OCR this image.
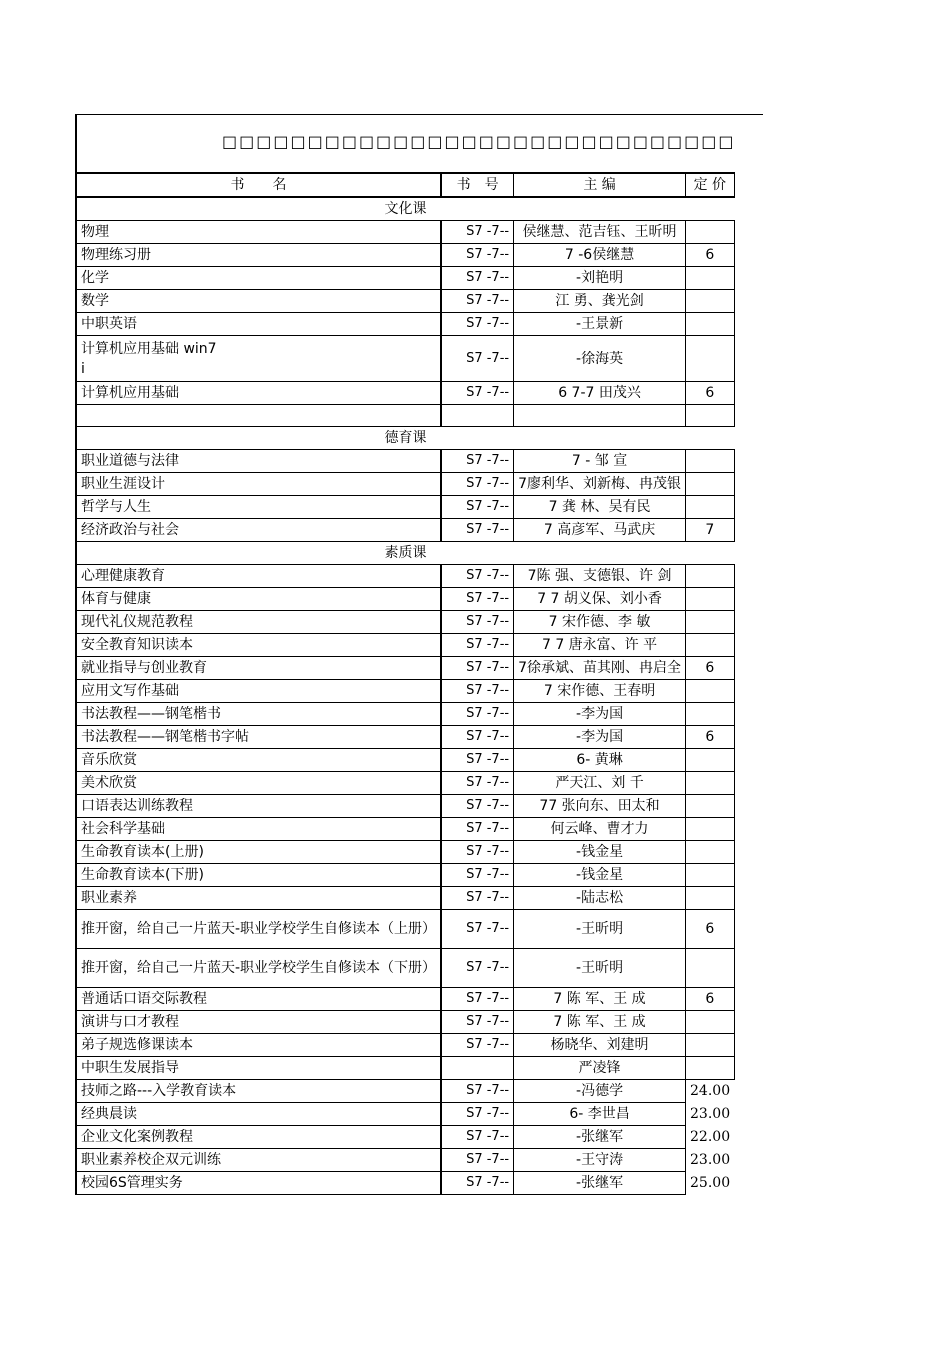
□□□□□□□□□□□□□□□□□□□□□□□□□□□□□□
书　　名	书　号	主 编	定 价
文化课			
物理	S 7 -7- -	侯继慧、范吉钰、王昕明	
物理练习册	S 7 -7- -	7 -6侯继慧	6
化学	S 7 -7- -	-刘艳明	
数学	S 7 -7- -	江 勇、龚光剑	
中职英语	S 7 -7- -	-王景新	
计算机应用基础 win7
i	S 7 -7- -	-徐海英	
计算机应用基础	S 7 -7- -	6 7-7 田茂兴	6

德育课			
职业道德与法律	S 7 -7- -	7 - 邹 宣	
职业生涯设计	S 7 -7- -	7廖利华、刘新梅、冉茂银	
哲学与人生	S 7 -7- -	7 龚 林、吴有民	
经济政治与社会	S 7 -7- -	7 高彦军、马武庆	7
素质课			
心理健康教育	S 7 -7- -	7陈 强、支德银、许 剑	
体育与健康	S 7 -7- -	7 7 胡义保、刘小香	
现代礼仪规范教程	S 7 -7- -	7 宋作德、李 敏	
安全教育知识读本	S 7 -7- -	7 7 唐永富、许 平	
就业指导与创业教育	S 7 -7- -	7徐承斌、苗其刚、冉启全	6
应用文写作基础	S 7 -7- -	7 宋作德、王春明	
书法教程——钢笔楷书	S 7 -7- -	-李为国	
书法教程——钢笔楷书字帖	S 7 -7- -	-李为国	6
音乐欣赏	S 7 -7- -	6- 黄琳	
美术欣赏	S 7 -7- -	严天江、刘 千	
口语表达训练教程	S 7 -7- -	77 张向东、田太和	
社会科学基础	S 7 -7- -	何云峰、曹才力	
生命教育读本(上册)	S 7 -7- -	-钱金星	
生命教育读本(下册)	S 7 -7- -	-钱金星	
职业素养	S 7 -7- -	-陆志松	
推开窗，给自己一片蓝天-职业学校学生自修读本（上册）	S 7 -7- -	-王昕明	6
推开窗，给自己一片蓝天-职业学校学生自修读本（下册）	S 7 -7- -	-王昕明	
普通话口语交际教程	S 7 -7- -	7 陈 军、王 成	6
演讲与口才教程	S 7 -7- -	7 陈 军、王 成	
弟子规选修课读本	S 7 -7- -	杨晓华、刘建明	
中职生发展指导		严凌锋	
技师之路---入学教育读本	S 7 -7- -	-冯德学	24.00
经典晨读	S 7 -7- -	6- 李世昌	23.00
企业文化案例教程	S 7 -7- -	-张继军	22.00
职业素养校企双元训练	S 7 -7- -	-王守涛	23.00
校园6S管理实务	S 7 -7- -	-张继军	25.00
